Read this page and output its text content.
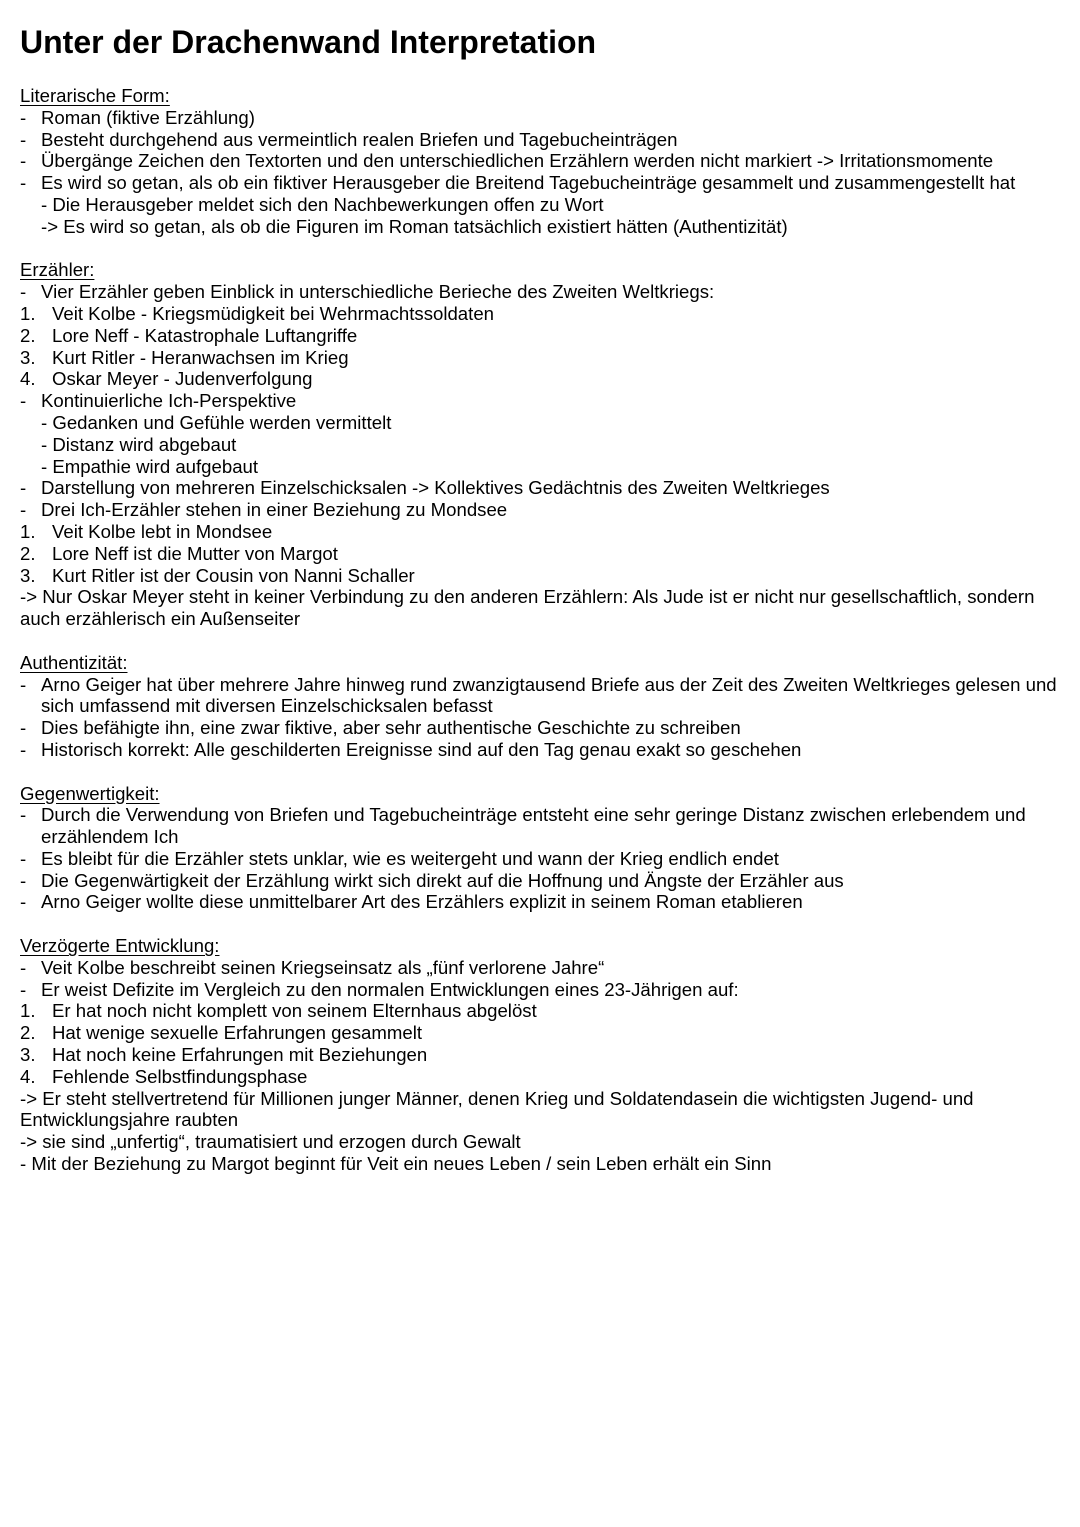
Unter der Drachenwand Interpretation
Literarische Form:
- Roman (fiktive Erzählung)
- Besteht durchgehend aus vermeintlich realen Briefen und Tagebucheinträgen
- Übergänge Zeichen den Textorten und den unterschiedlichen Erzählern werden nicht markiert -> Irritationsmomente
- Es wird so getan, als ob ein fiktiver Herausgeber die Breitend Tagebucheinträge gesammelt und zusammengestellt hat
- Die Herausgeber meldet sich den Nachbewerkungen offen zu Wort
-> Es wird so getan, als ob die Figuren im Roman tatsächlich existiert hätten (Authentizität)
Erzähler:
- Vier Erzähler geben Einblick in unterschiedliche Berieche des Zweiten Weltkriegs:
1. Veit Kolbe - Kriegsmüdigkeit bei Wehrmachtssoldaten
2. Lore Neff - Katastrophale Luftangriffe
3. Kurt Ritler - Heranwachsen im Krieg
4. Oskar Meyer - Judenverfolgung
- Kontinuierliche Ich-Perspektive
- Gedanken und Gefühle werden vermittelt
- Distanz wird abgebaut
- Empathie wird aufgebaut
- Darstellung von mehreren Einzelschicksalen -> Kollektives Gedächtnis des Zweiten Weltkrieges
- Drei Ich-Erzähler stehen in einer Beziehung zu Mondsee
1. Veit Kolbe lebt in Mondsee
2. Lore Neff ist die Mutter von Margot
3. Kurt Ritler ist der Cousin von Nanni Schaller
-> Nur Oskar Meyer steht in keiner Verbindung zu den anderen Erzählern: Als Jude ist er nicht nur gesellschaftlich, sondern auch erzählerisch ein Außenseiter
Authentizität:
- Arno Geiger hat über mehrere Jahre hinweg rund zwanzigtausend Briefe aus der Zeit des Zweiten Weltkrieges gelesen und sich umfassend mit diversen Einzelschicksalen befasst
- Dies befähigte ihn, eine zwar fiktive, aber sehr authentische Geschichte zu schreiben
- Historisch korrekt: Alle geschilderten Ereignisse sind auf den Tag genau exakt so geschehen
Gegenwertigkeit:
- Durch die Verwendung von Briefen und Tagebucheinträge entsteht eine sehr geringe Distanz zwischen erlebendem und erzählendem Ich
- Es bleibt für die Erzähler stets unklar, wie es weitergeht und wann der Krieg endlich endet
- Die Gegenwärtigkeit der Erzählung wirkt sich direkt auf die Hoffnung und Ängste der Erzähler aus
- Arno Geiger wollte diese unmittelbarer Art des Erzählers explizit in seinem Roman etablieren
Verzögerte Entwicklung:
- Veit Kolbe beschreibt seinen Kriegseinsatz als „fünf verlorene Jahre“
- Er weist Defizite im Vergleich zu den normalen Entwicklungen eines 23-Jährigen auf:
1. Er hat noch nicht komplett von seinem Elternhaus abgelöst
2. Hat wenige sexuelle Erfahrungen gesammelt
3. Hat noch keine Erfahrungen mit Beziehungen
4. Fehlende Selbstfindungsphase
-> Er steht stellvertretend für Millionen junger Männer, denen Krieg und Soldatendasein die wichtigsten Jugend- und Entwicklungsjahre raubten
-> sie sind „unfertig“, traumatisiert und erzogen durch Gewalt
- Mit der Beziehung zu Margot beginnt für Veit ein neues Leben / sein Leben erhält ein Sinn
